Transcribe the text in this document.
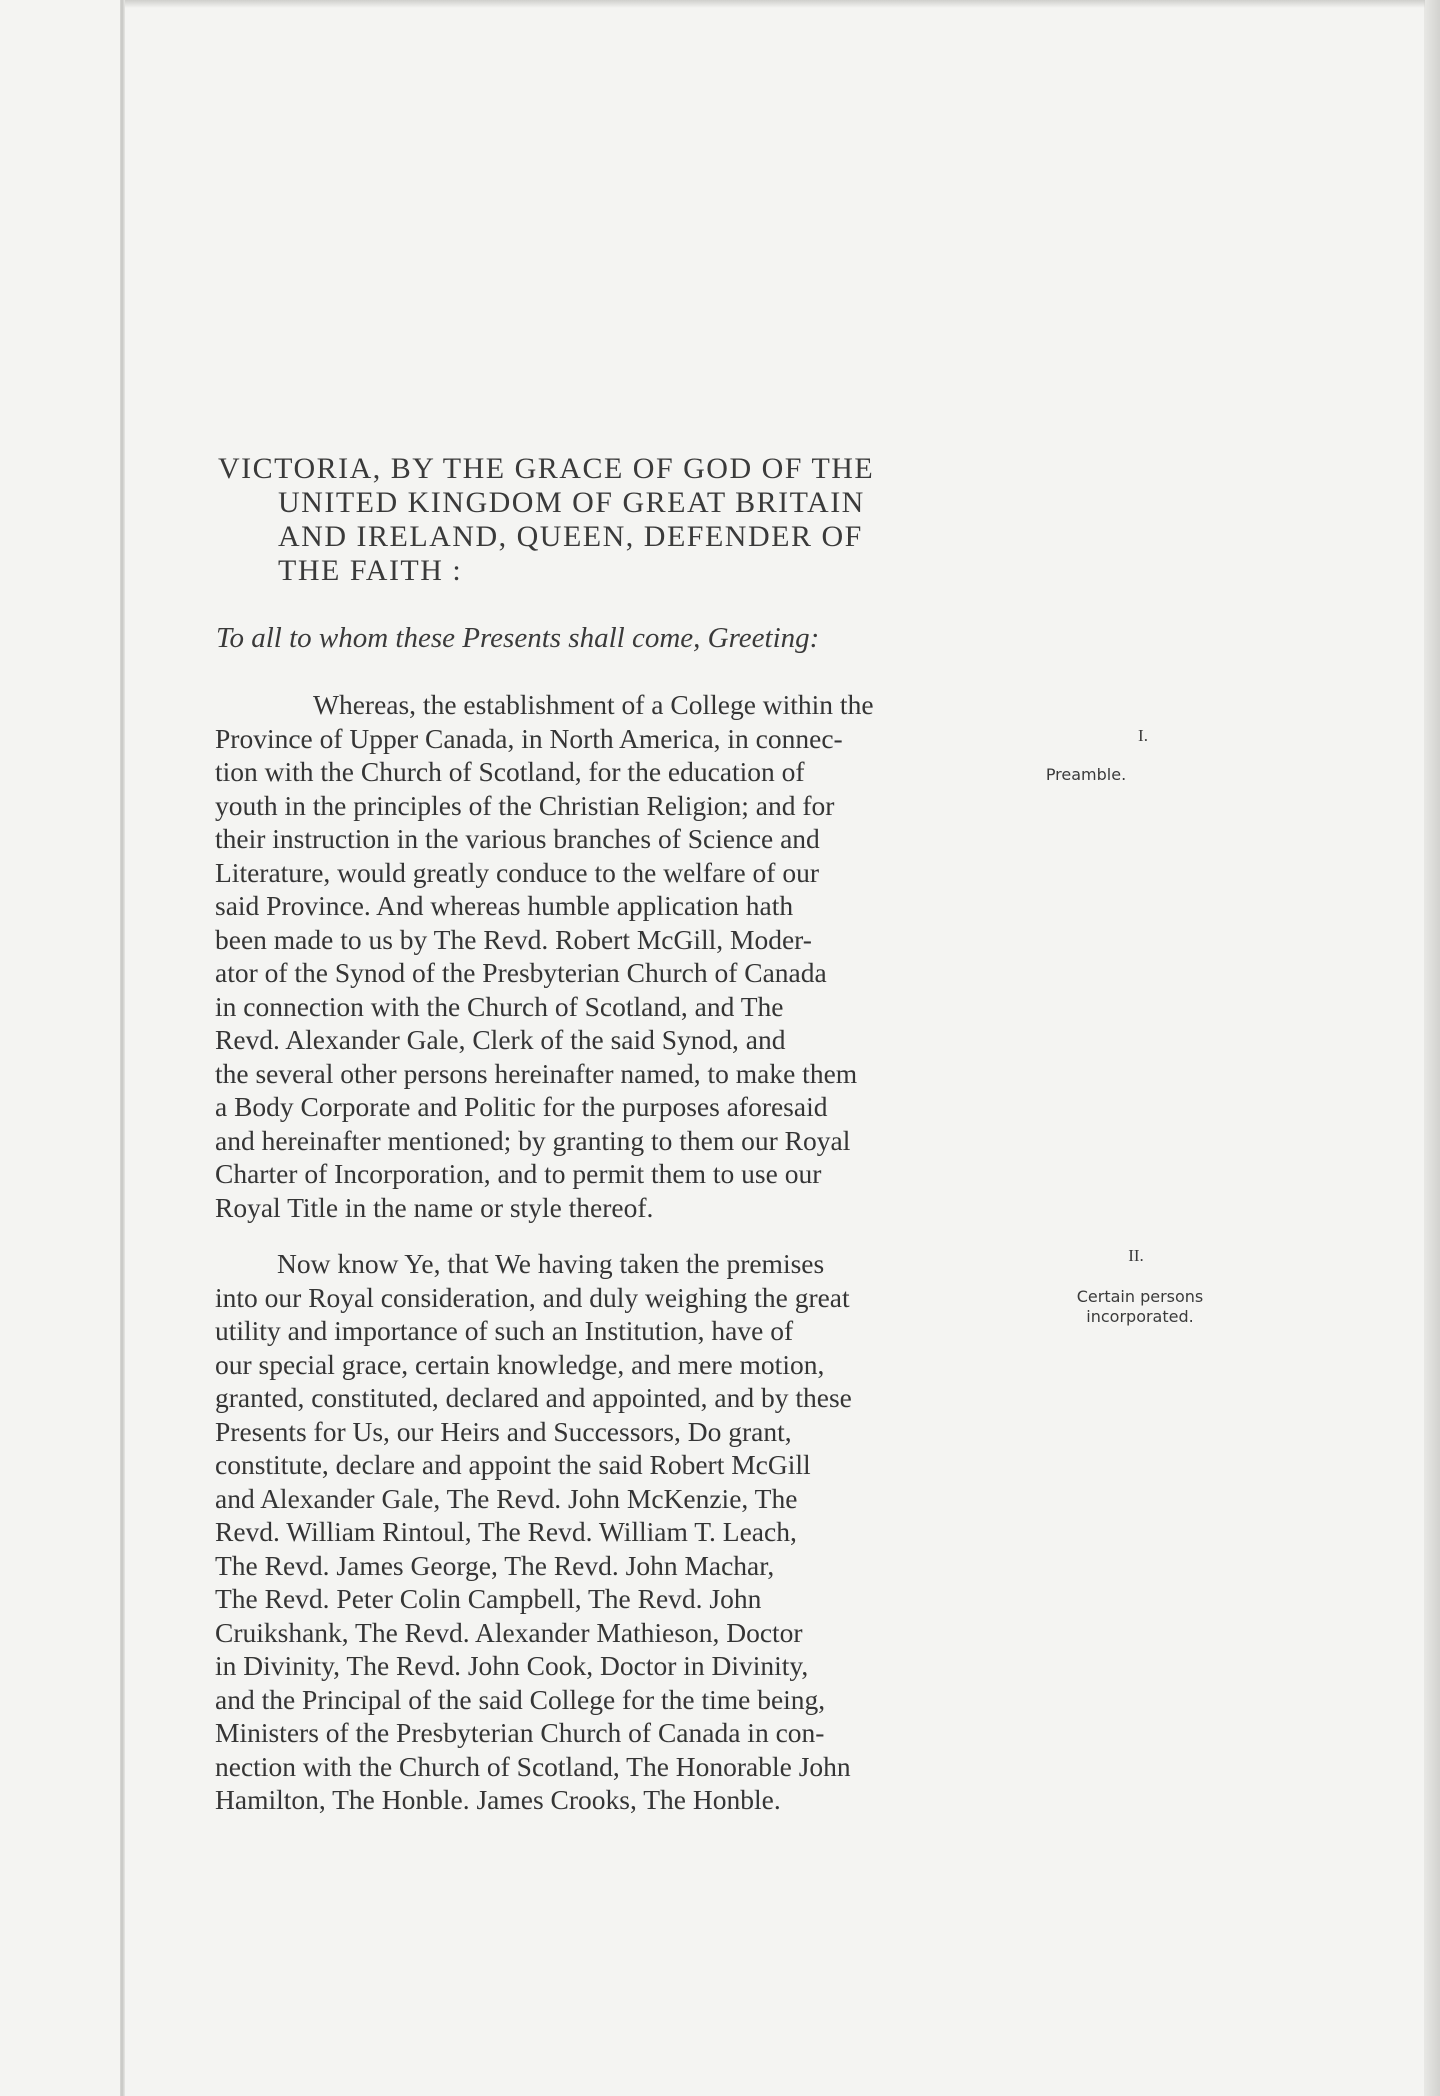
VICTORIA, BY THE GRACE OF GOD OF THE
UNITED KINGDOM OF GREAT BRITAIN
AND IRELAND, QUEEN, DEFENDER OF
THE FAITH :
To all to whom these Presents shall come, Greeting:
Whereas, the establishment of a College within the
Province of Upper Canada, in North America, in connec-
tion with the Church of Scotland, for the education of
youth in the principles of the Christian Religion; and for
their instruction in the various branches of Science and
Literature, would greatly conduce to the welfare of our
said Province. And whereas humble application hath
been made to us by The Revd. Robert McGill, Moder-
ator of the Synod of the Presbyterian Church of Canada
in connection with the Church of Scotland, and The
Revd. Alexander Gale, Clerk of the said Synod, and
the several other persons hereinafter named, to make them
a Body Corporate and Politic for the purposes aforesaid
and hereinafter mentioned; by granting to them our Royal
Charter of Incorporation, and to permit them to use our
Royal Title in the name or style thereof.
I.
Preamble.
Now know Ye, that We having taken the premises
into our Royal consideration, and duly weighing the great
utility and importance of such an Institution, have of
our special grace, certain knowledge, and mere motion,
granted, constituted, declared and appointed, and by these
Presents for Us, our Heirs and Successors, Do grant,
constitute, declare and appoint the said Robert McGill
and Alexander Gale, The Revd. John McKenzie, The
Revd. William Rintoul, The Revd. William T. Leach,
The Revd. James George, The Revd. John Machar,
The Revd. Peter Colin Campbell, The Revd. John
Cruikshank, The Revd. Alexander Mathieson, Doctor
in Divinity, The Revd. John Cook, Doctor in Divinity,
and the Principal of the said College for the time being,
Ministers of the Presbyterian Church of Canada in con-
nection with the Church of Scotland, The Honorable John
Hamilton, The Honble. James Crooks, The Honble.
II.
Certain persons incorporated.
